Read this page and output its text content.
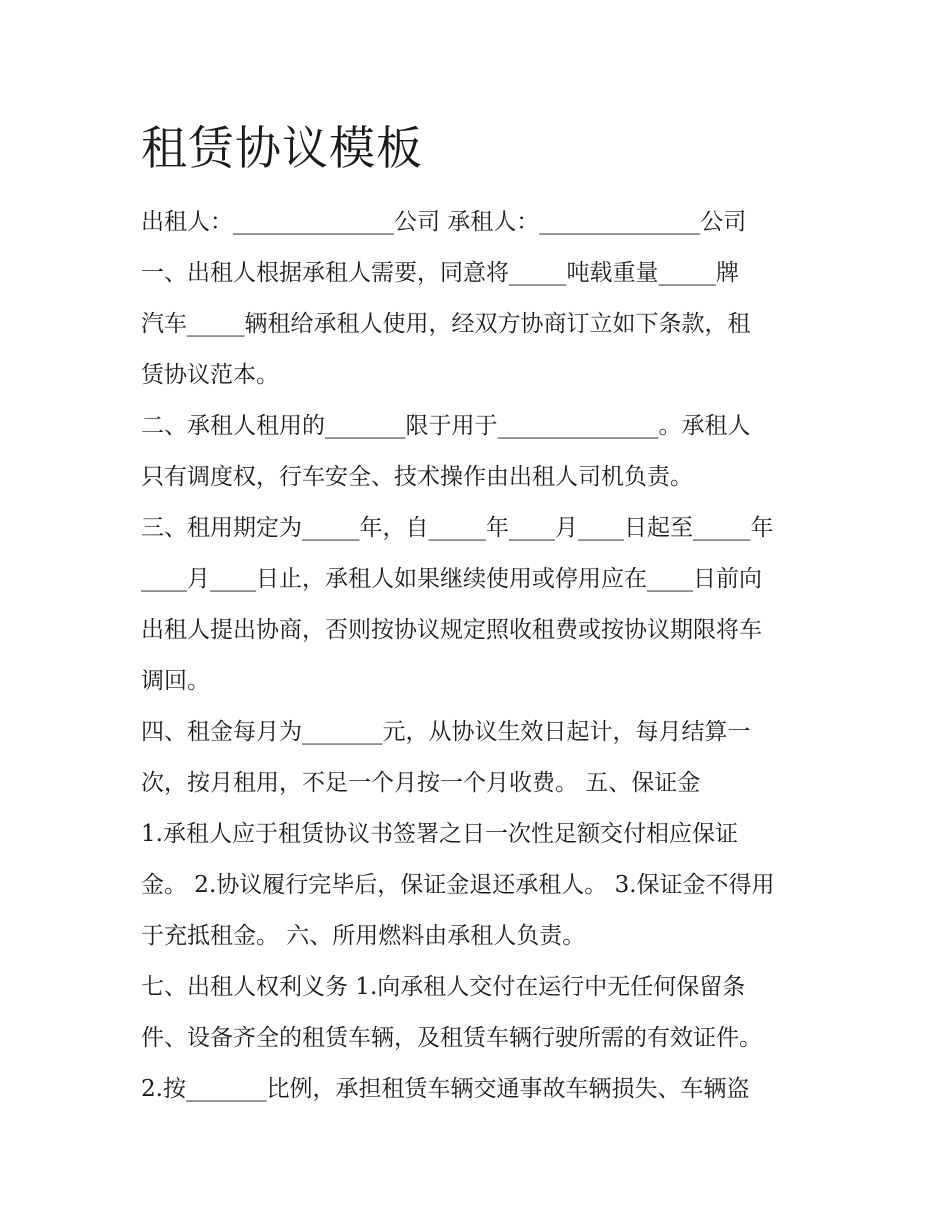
租赁协议模板
出租人：______________公司 承租人：______________公司
一、出租人根据承租人需要，同意将_____吨载重量_____牌
汽车_____辆租给承租人使用，经双方协商订立如下条款，租
赁协议范本。
二、承租人租用的_______限于用于______________。承租人
只有调度权，行车安全、技术操作由出租人司机负责。
三、租用期定为_____年，自_____年____月____日起至_____年
____月____日止，承租人如果继续使用或停用应在____日前向
出租人提出协商，否则按协议规定照收租费或按协议期限将车
调回。
四、租金每月为_______元，从协议生效日起计，每月结算一
次，按月租用，不足一个月按一个月收费。 五、保证金
1.承租人应于租赁协议书签署之日一次性足额交付相应保证
金。 2.协议履行完毕后，保证金退还承租人。 3.保证金不得用
于充抵租金。 六、所用燃料由承租人负责。
七、出租人权利义务 1.向承租人交付在运行中无任何保留条
件、设备齐全的租赁车辆，及租赁车辆行驶所需的有效证件。
2.按_______比例，承担租赁车辆交通事故车辆损失、车辆盗
